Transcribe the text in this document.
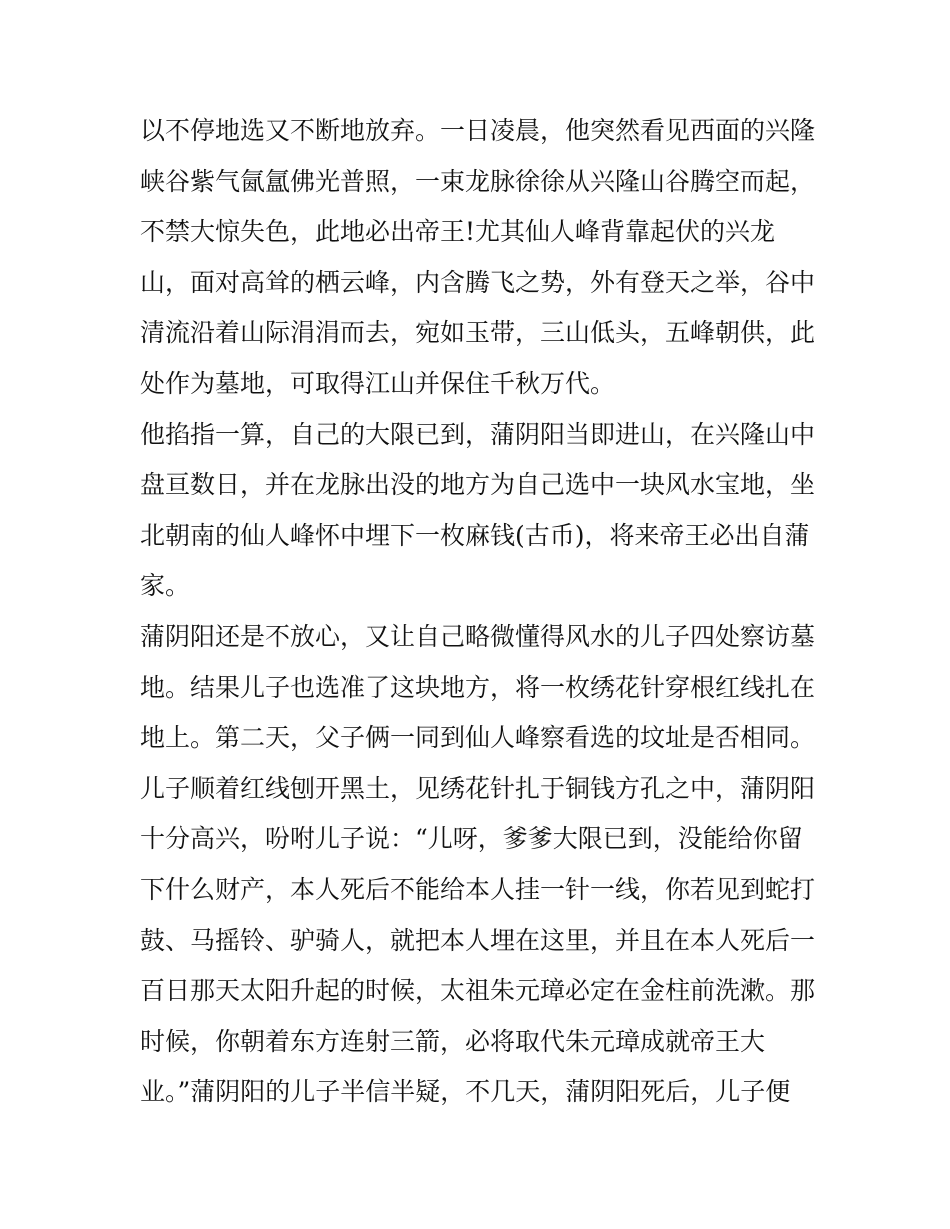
以不停地选又不断地放弃。一日凌晨，他突然看见西面的兴隆
峡谷紫气氤氲佛光普照，一束龙脉徐徐从兴隆山谷腾空而起，
不禁大惊失色，此地必出帝王!尤其仙人峰背靠起伏的兴龙
山，面对高耸的栖云峰，内含腾飞之势，外有登天之举，谷中
清流沿着山际涓涓而去，宛如玉带，三山低头，五峰朝供，此
处作为墓地，可取得江山并保住千秋万代。
他掐指一算，自己的大限已到，蒲阴阳当即进山，在兴隆山中
盘亘数日，并在龙脉出没的地方为自己选中一块风水宝地，坐
北朝南的仙人峰怀中埋下一枚麻钱(古币)，将来帝王必出自蒲
家。
蒲阴阳还是不放心，又让自己略微懂得风水的儿子四处察访墓
地。结果儿子也选准了这块地方，将一枚绣花针穿根红线扎在
地上。第二天，父子俩一同到仙人峰察看选的坟址是否相同。
儿子顺着红线刨开黑土，见绣花针扎于铜钱方孔之中，蒲阴阳
十分高兴，吩咐儿子说：“儿呀，爹爹大限已到，没能给你留
下什么财产，本人死后不能给本人挂一针一线，你若见到蛇打
鼓、马摇铃、驴骑人，就把本人埋在这里，并且在本人死后一
百日那天太阳升起的时候，太祖朱元璋必定在金柱前洗漱。那
时候，你朝着东方连射三箭，必将取代朱元璋成就帝王大
业。”蒲阴阳的儿子半信半疑，不几天，蒲阴阳死后，儿子便
